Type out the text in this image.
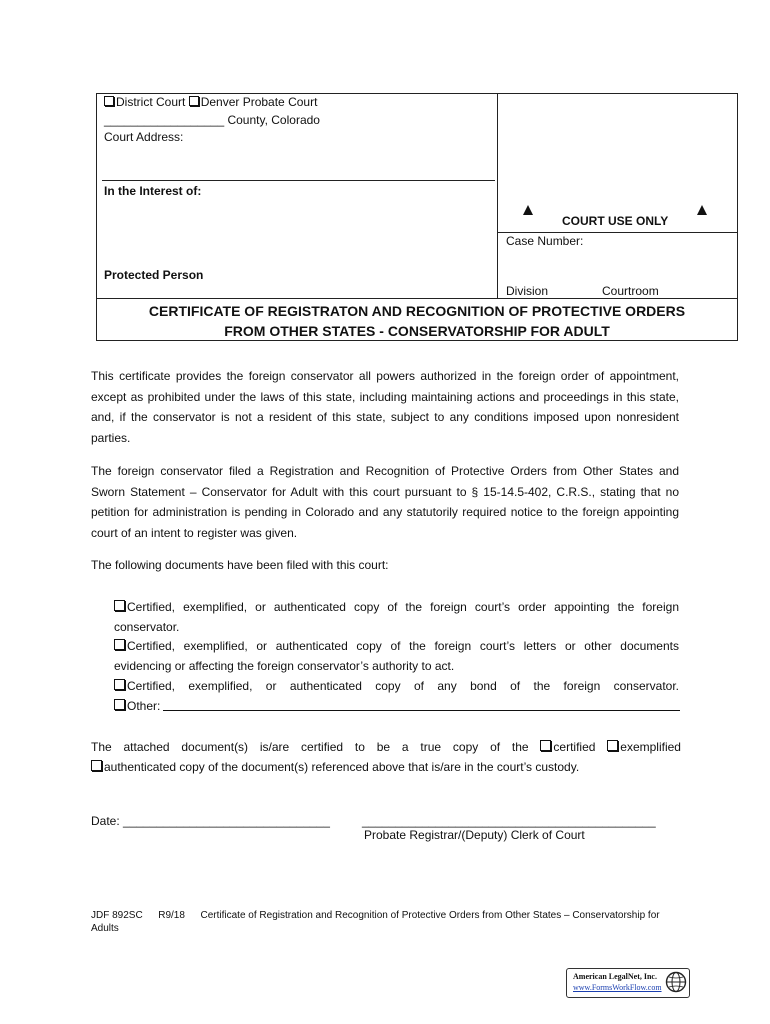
District Court Denver Probate Court
__________________ County, Colorado
Court Address:
In the Interest of:
Protected Person
COURT USE ONLY
Case Number:
Division	Courtroom
CERTIFICATE OF REGISTRATON AND RECOGNITION OF PROTECTIVE ORDERS
FROM OTHER STATES - CONSERVATORSHIP FOR ADULT
This certificate provides the foreign conservator all powers authorized in the foreign order of appointment, except as prohibited under the laws of this state, including maintaining actions and proceedings in this state, and, if the conservator is not a resident of this state, subject to any conditions imposed upon nonresident parties.
The foreign conservator filed a Registration and Recognition of Protective Orders from Other States and Sworn Statement – Conservator for Adult with this court pursuant to § 15-14.5-402, C.R.S., stating that no petition for administration is pending in Colorado and any statutorily required notice to the foreign appointing court of an intent to register was given.
The following documents have been filed with this court:
Certified, exemplified, or authenticated copy of the foreign court’s order appointing the foreign
conservator.
Certified, exemplified, or authenticated copy of the foreign court’s letters or other documents
evidencing or affecting the foreign conservator’s authority to act.
Certified, exemplified, or authenticated copy of any bond of the foreign conservator.
Other:
The attached document(s) is/are certified to be a true copy of the certified exemplified
authenticated copy of the document(s) referenced above that is/are in the court’s custody.
Date: _______________________________	____________________________________________
Probate Registrar/(Deputy) Clerk of Court
JDF 892SC R9/18 Certificate of Registration and Recognition of Protective Orders from Other States – Conservatorship for
Adults
American LegalNet, Inc.
www.FormsWorkFlow.com
